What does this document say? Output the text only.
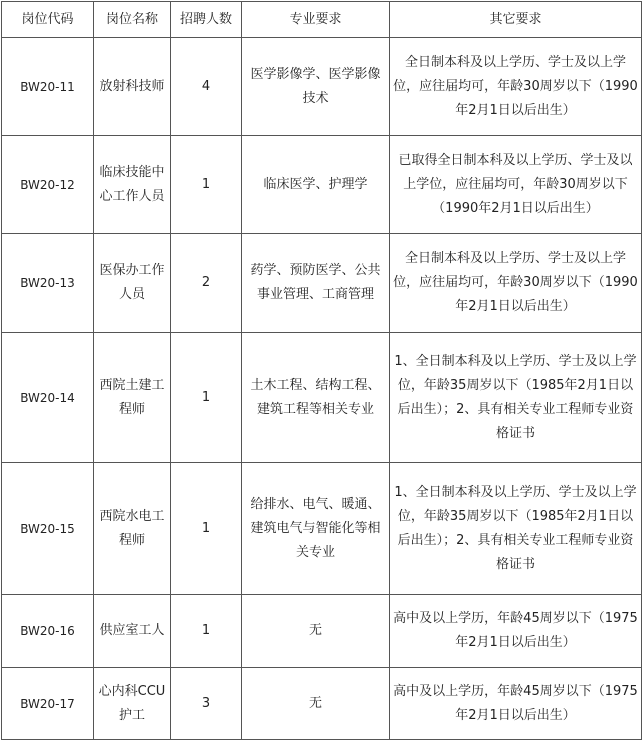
岗位代码	岗位名称	招聘人数	专业要求	其它要求
BW20-11	放射科技师	4	医学影像学、医学影像技术	全日制本科及以上学历、学士及以上学位，应往届均可，年龄30周岁以下（1990年2月1日以后出生）
BW20-12	临床技能中心工作人员	1	临床医学、护理学	已取得全日制本科及以上学历、学士及以上学位，应往届均可，年龄30周岁以下（1990年2月1日以后出生）
BW20-13	医保办工作人员	2	药学、预防医学、公共事业管理、工商管理	全日制本科及以上学历、学士及以上学位，应往届均可，年龄30周岁以下（1990年2月1日以后出生）
BW20-14	西院土建工程师	1	土木工程、结构工程、建筑工程等相关专业	1、全日制本科及以上学历、学士及以上学位，年龄35周岁以下（1985年2月1日以后出生）；2、具有相关专业工程师专业资格证书
BW20-15	西院水电工程师	1	给排水、电气、暖通、建筑电气与智能化等相关专业	1、全日制本科及以上学历、学士及以上学位，年龄35周岁以下（1985年2月1日以后出生）；2、具有相关专业工程师专业资格证书
BW20-16	供应室工人	1	无	高中及以上学历，年龄45周岁以下（1975年2月1日以后出生）
BW20-17	心内科CCU护工	3	无	高中及以上学历，年龄45周岁以下（1975年2月1日以后出生）
